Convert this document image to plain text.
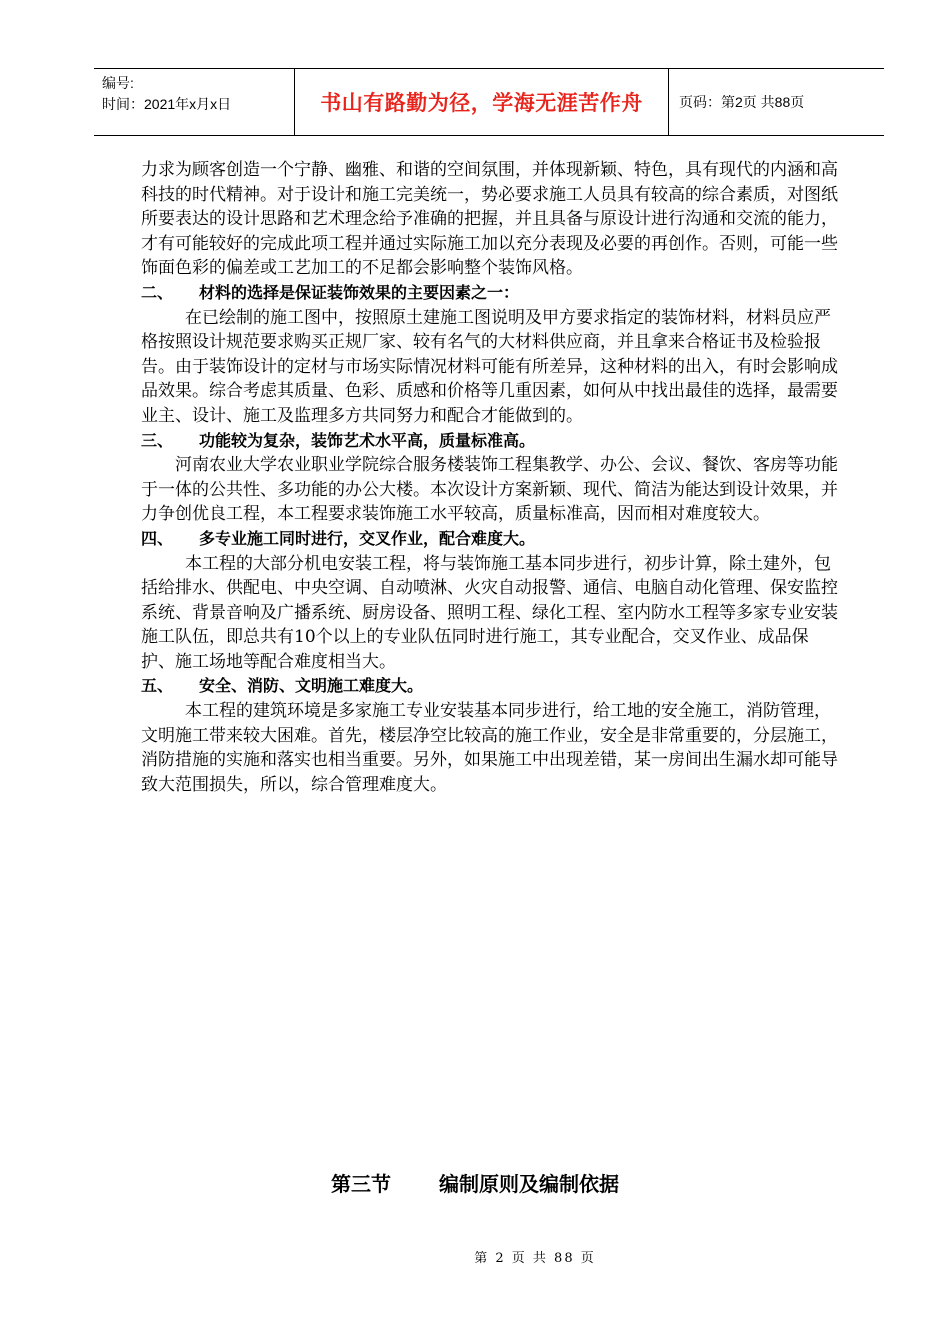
编号:
时间：2021年x月x日	书山有路勤为径，学海无涯苦作舟	页码：第2页 共88页

力求为顾客创造一个宁静、幽雅、和谐的空间氛围，并体现新颖、特色，具有现代的内涵和高科技的时代精神。对于设计和施工完美统一，势必要求施工人员具有较高的综合素质，对图纸所要表达的设计思路和艺术理念给予准确的把握，并且具备与原设计进行沟通和交流的能力，才有可能较好的完成此项工程并通过实际施工加以充分表现及必要的再创作。否则，可能一些饰面色彩的偏差或工艺加工的不足都会影响整个装饰风格。

二、 材料的选择是保证装饰效果的主要因素之一：

在已绘制的施工图中，按照原土建施工图说明及甲方要求指定的装饰材料，材料员应严格按照设计规范要求购买正规厂家、较有名气的大材料供应商，并且拿来合格证书及检验报告。由于装饰设计的定材与市场实际情况材料可能有所差异，这种材料的出入，有时会影响成品效果。综合考虑其质量、色彩、质感和价格等几重因素，如何从中找出最佳的选择，最需要业主、设计、施工及监理多方共同努力和配合才能做到的。

三、 功能较为复杂，装饰艺术水平高，质量标准高。

河南农业大学农业职业学院综合服务楼装饰工程集教学、办公、会议、餐饮、客房等功能于一体的公共性、多功能的办公大楼。本次设计方案新颖、现代、简洁为能达到设计效果，并力争创优良工程，本工程要求装饰施工水平较高，质量标准高，因而相对难度较大。

四、 多专业施工同时进行，交叉作业，配合难度大。

本工程的大部分机电安装工程，将与装饰施工基本同步进行，初步计算，除土建外，包括给排水、供配电、中央空调、自动喷淋、火灾自动报警、通信、电脑自动化管理、保安监控系统、背景音响及广播系统、厨房设备、照明工程、绿化工程、室内防水工程等多家专业安装施工队伍，即总共有10个以上的专业队伍同时进行施工，其专业配合，交叉作业、成品保护、施工场地等配合难度相当大。

五、 安全、消防、文明施工难度大。

本工程的建筑环境是多家施工专业安装基本同步进行，给工地的安全施工，消防管理，文明施工带来较大困难。首先，楼层净空比较高的施工作业，安全是非常重要的，分层施工，消防措施的实施和落实也相当重要。另外，如果施工中出现差错，某一房间出生漏水却可能导致大范围损失，所以，综合管理难度大。

第三节 编制原则及编制依据
第 2 页 共 88 页
